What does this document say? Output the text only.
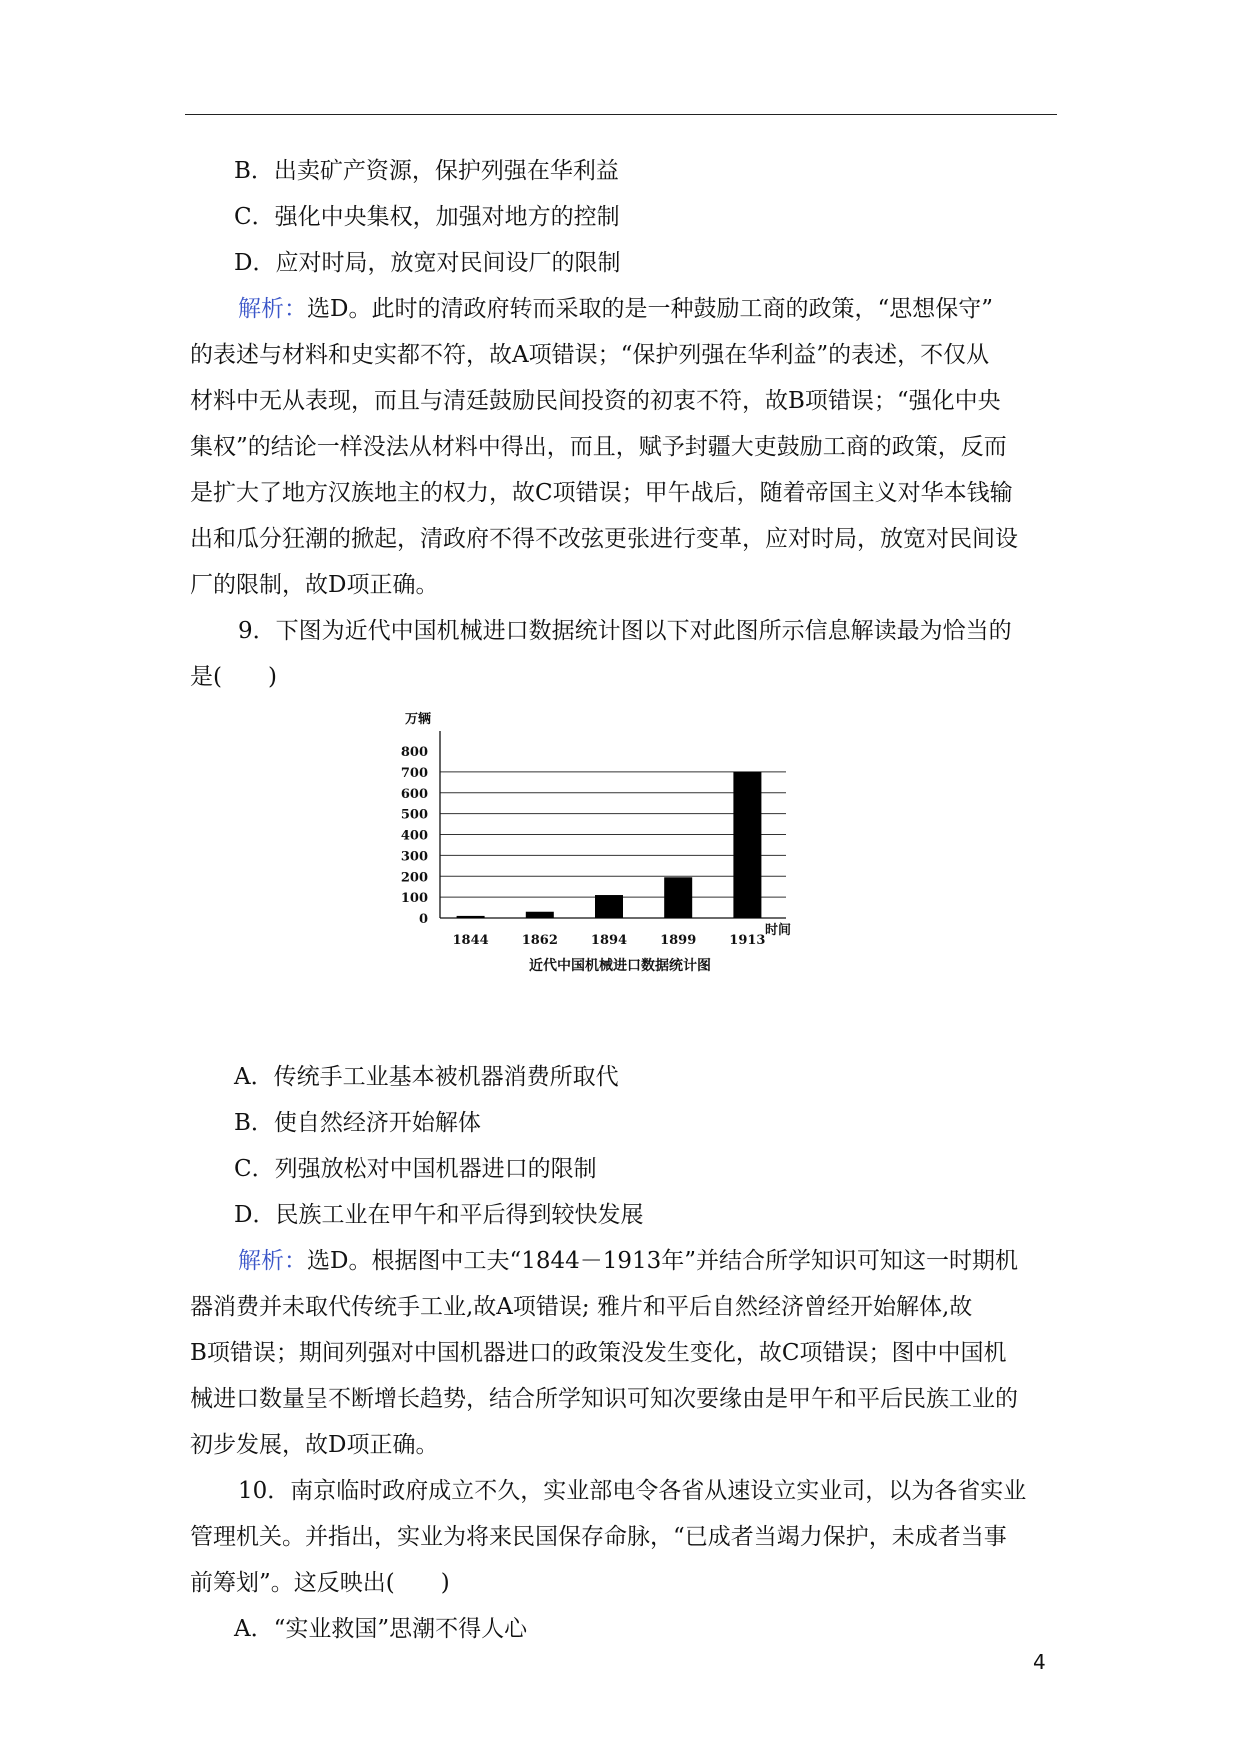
B．出卖矿产资源，保护列强在华利益

C．强化中央集权，加强对地方的控制

D．应对时局，放宽对民间设厂的限制

解析：选D。此时的清政府转而采取的是一种鼓励工商的政策，“思想保守”

的表述与材料和史实都不符，故A项错误；“保护列强在华利益”的表述，不仅从

材料中无从表现，而且与清廷鼓励民间投资的初衷不符，故B项错误；“强化中央

集权”的结论一样没法从材料中得出，而且，赋予封疆大吏鼓励工商的政策，反而

是扩大了地方汉族地主的权力，故C项错误；甲午战后，随着帝国主义对华本钱输

出和瓜分狂潮的掀起，清政府不得不改弦更张进行变革，应对时局，放宽对民间设

厂的限制，故D项正确。

9．下图为近代中国机械进口数据统计图以下对此图所示信息解读最为恰当的

是(　　)

0
100
200
300
400
500
600
700
800
万辆
1844	1862	1894	1899	1913
时间
近代中国机械进口数据统计图

A．传统手工业基本被机器消费所取代

B．使自然经济开始解体

C．列强放松对中国机器进口的限制

D．民族工业在甲午和平后得到较快发展

解析：选D。根据图中工夫“1844－1913年”并结合所学知识可知这一时期机

器消费并未取代传统手工业,故A项错误; 雅片和平后自然经济曾经开始解体,故

B项错误；期间列强对中国机器进口的政策没发生变化，故C项错误；图中中国机

械进口数量呈不断增长趋势，结合所学知识可知次要缘由是甲午和平后民族工业的

初步发展，故D项正确。

10．南京临时政府成立不久，实业部电令各省从速设立实业司，以为各省实业

管理机关。并指出，实业为将来民国保存命脉，“已成者当竭力保护，未成者当事

前筹划”。这反映出(　　)

A．“实业救国”思潮不得人心

4
